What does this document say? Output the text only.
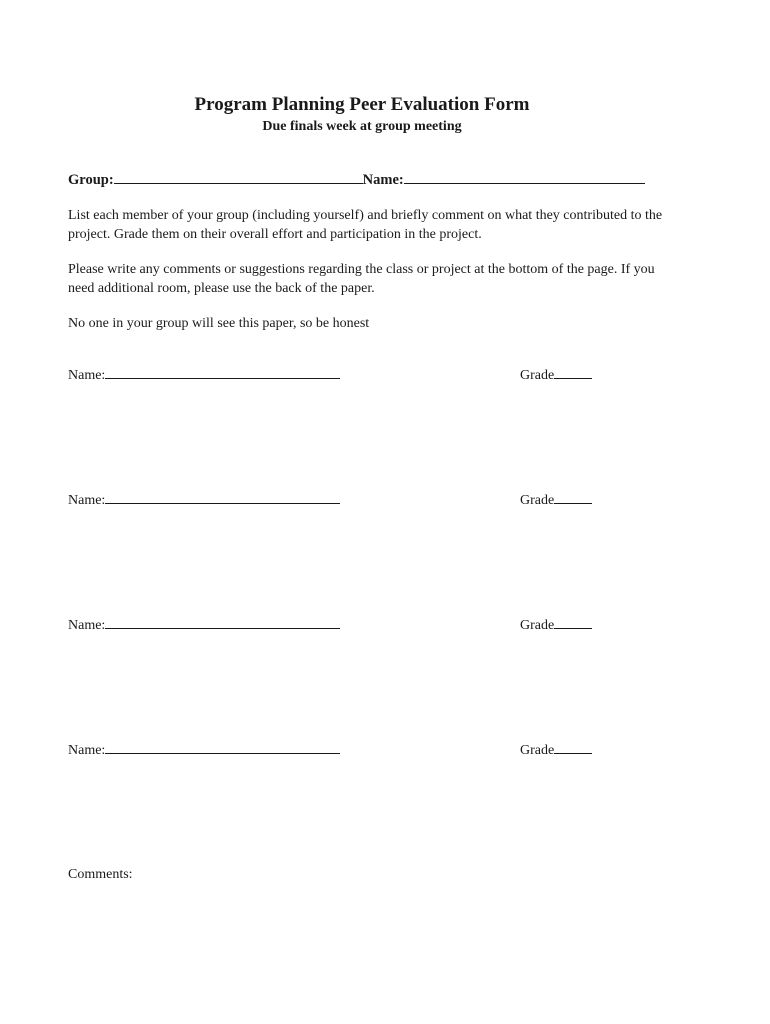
Program Planning Peer Evaluation Form
Due finals week at group meeting
Group:	Name:

List each member of your group (including yourself) and briefly comment on what they contributed to the project. Grade them on their overall effort and participation in the project.

Please write any comments or suggestions regarding the class or project at the bottom of the page. If you need additional room, please use the back of the paper.

No one in your group will see this paper, so be honest

Name:	Grade
Name:	Grade
Name:	Grade
Name:	Grade
Comments:
